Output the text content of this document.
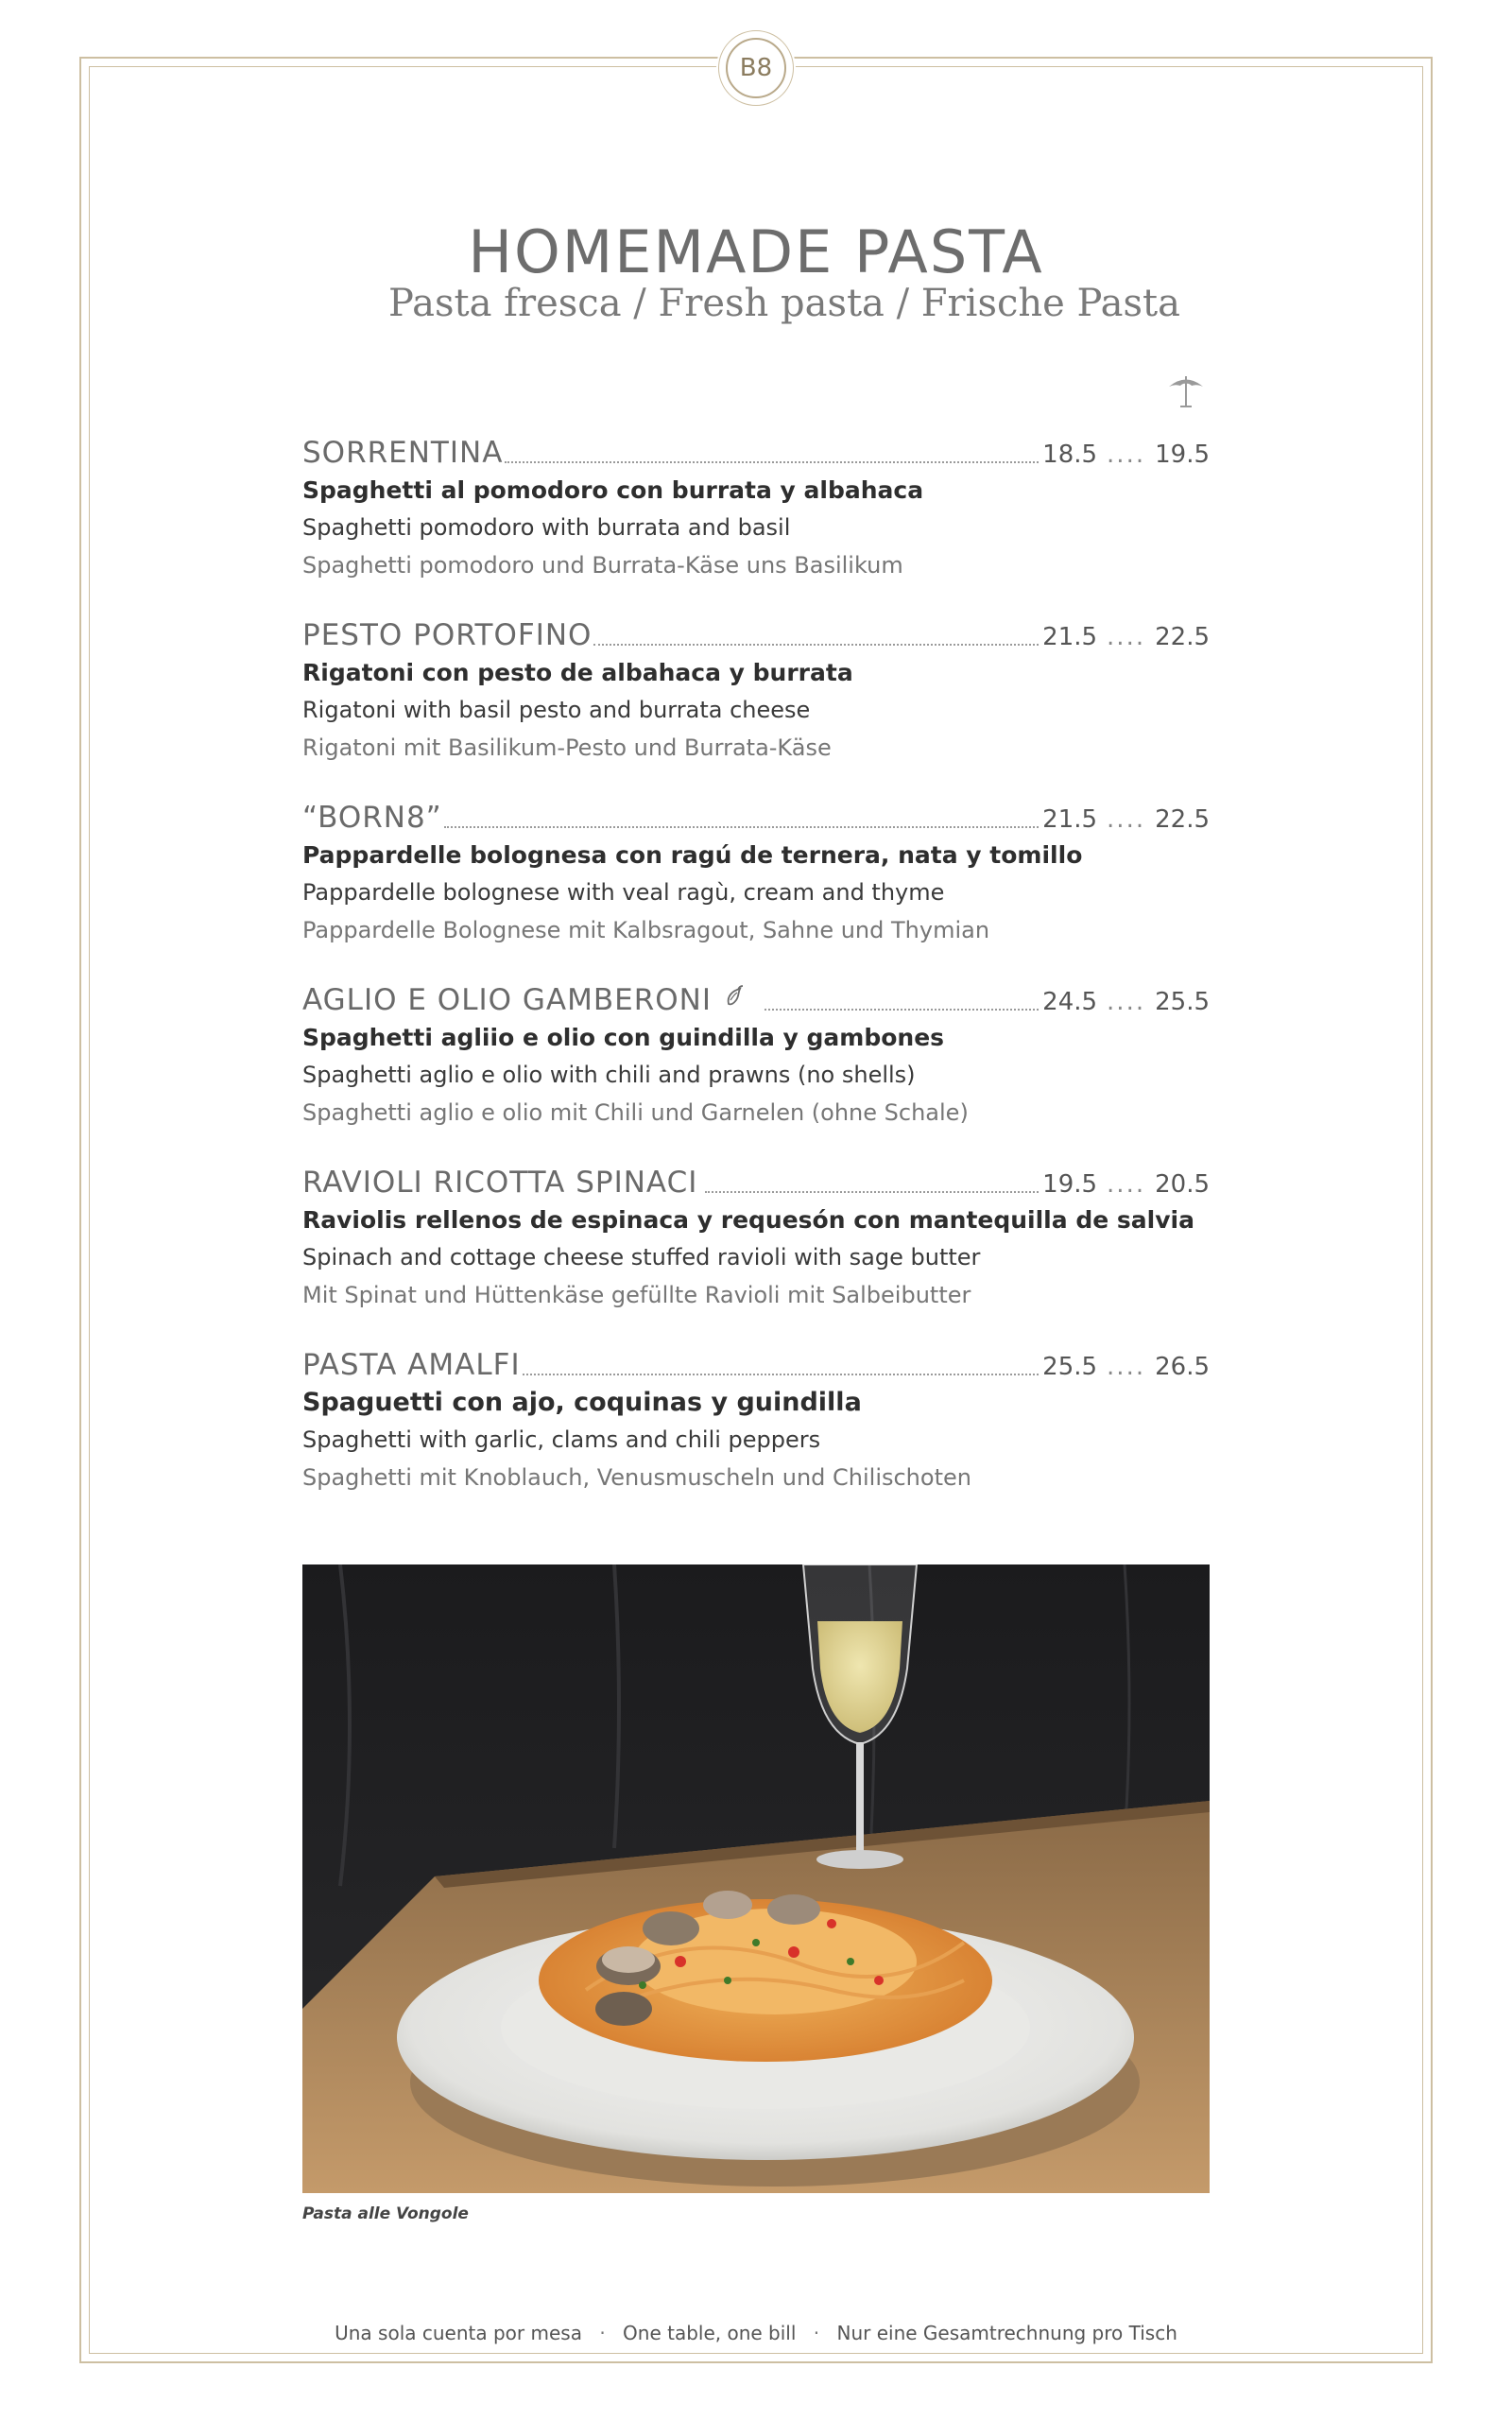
B8
HOMEMADE PASTA
Pasta fresca / Fresh pasta / Frische Pasta
SORRENTINA	18.5 .... 19.5
Spaghetti al pomodoro con burrata y albahaca
Spaghetti pomodoro with burrata and basil
Spaghetti pomodoro und Burrata-Käse uns Basilikum
PESTO PORTOFINO	21.5 .... 22.5
Rigatoni con pesto de albahaca y burrata
Rigatoni with basil pesto and burrata cheese
Rigatoni mit Basilikum-Pesto und Burrata-Käse
“BORN8”	21.5 .... 22.5
Pappardelle bolognesa con ragú de ternera, nata y tomillo
Pappardelle bolognese with veal ragù, cream and thyme
Pappardelle Bolognese mit Kalbsragout, Sahne und Thymian
AGLIO E OLIO GAMBERONI	24.5 .... 25.5
Spaghetti agliio e olio con guindilla y gambones
Spaghetti aglio e olio with chili and prawns (no shells)
Spaghetti aglio e olio mit Chili und Garnelen (ohne Schale)
RAVIOLI RICOTTA SPINACI	19.5 .... 20.5
Raviolis rellenos de espinaca y requesón con mantequilla de salvia
Spinach and cottage cheese stuffed ravioli with sage butter
Mit Spinat und Hüttenkäse gefüllte Ravioli mit Salbeibutter
PASTA AMALFI	25.5 .... 26.5
Spaguetti con ajo, coquinas y guindilla
Spaghetti with garlic, clams and chili peppers
Spaghetti mit Knoblauch, Venusmuscheln und Chilischoten
Pasta alle Vongole
Una sola cuenta por mesa · One table, one bill · Nur eine Gesamtrechnung pro Tisch
